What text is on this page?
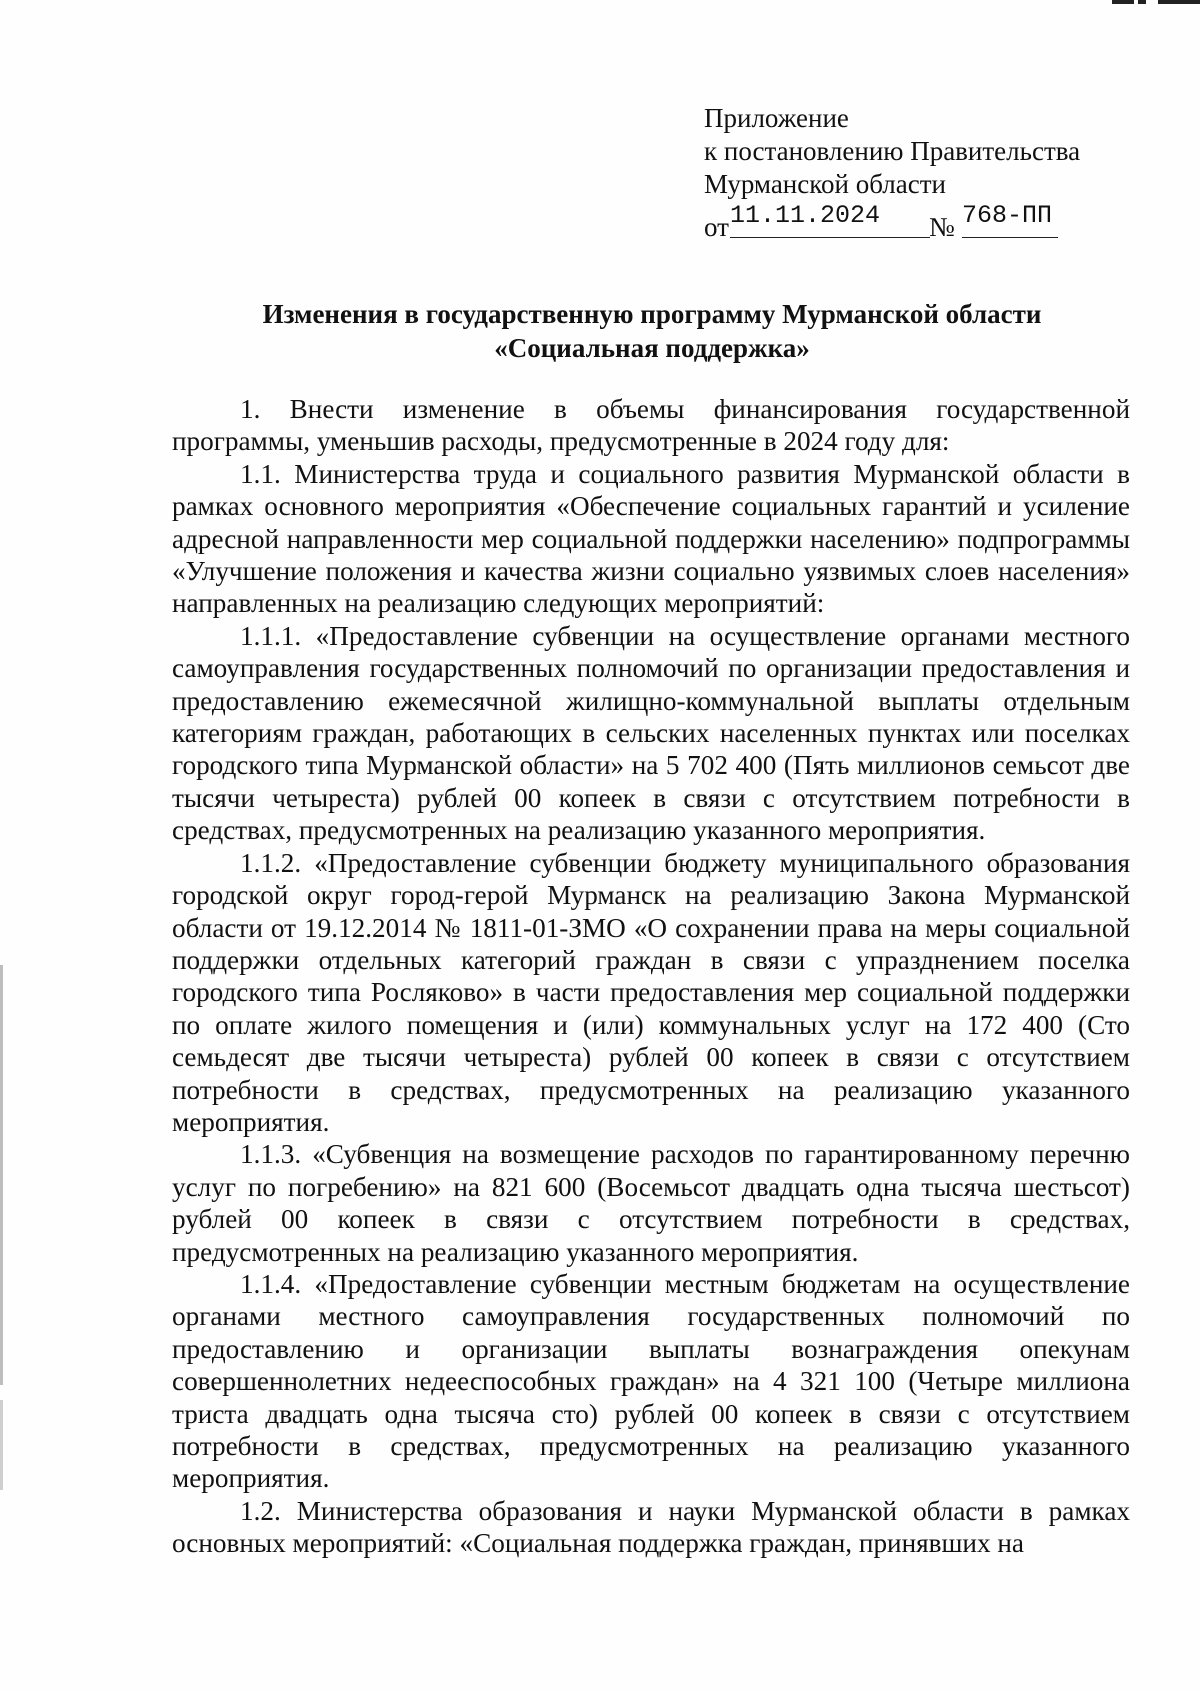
Приложение
к постановлению Правительства
Мурманской области
от 11.11.2024	№ 768-ПП
Изменения в государственную программу Мурманской области
«Социальная поддержка»

1. Внести изменение в объемы финансирования государственной программы, уменьшив расходы, предусмотренные в 2024 году для:

1.1. Министерства труда и социального развития Мурманской области в рамках основного мероприятия «Обеспечение социальных гарантий и усиление адресной направленности мер социальной поддержки населению» подпрограммы «Улучшение положения и качества жизни социально уязвимых слоев населения» направленных на реализацию следующих мероприятий:

1.1.1. «Предоставление субвенции на осуществление органами местного самоуправления государственных полномочий по организации предоставления и предоставлению ежемесячной жилищно-коммунальной выплаты отдельным категориям граждан, работающих в сельских населенных пунктах или поселках городского типа Мурманской области» на 5 702 400 (Пять миллионов семьсот две тысячи четыреста) рублей 00 копеек в связи с отсутствием потребности в средствах, предусмотренных на реализацию указанного мероприятия.

1.1.2. «Предоставление субвенции бюджету муниципального образования городской округ город-герой Мурманск на реализацию Закона Мурманской области от 19.12.2014 № 1811-01-ЗМО «О сохранении права на меры социальной поддержки отдельных категорий граждан в связи с упразднением поселка городского типа Росляково» в части предоставления мер социальной поддержки по оплате жилого помещения и (или) коммунальных услуг на 172 400 (Сто семьдесят две тысячи четыреста) рублей 00 копеек в связи с отсутствием потребности в средствах, предусмотренных на реализацию указанного мероприятия.

1.1.3. «Субвенция на возмещение расходов по гарантированному перечню услуг по погребению» на 821 600 (Восемьсот двадцать одна тысяча шестьсот) рублей 00 копеек в связи с отсутствием потребности в средствах, предусмотренных на реализацию указанного мероприятия.

1.1.4. «Предоставление субвенции местным бюджетам на осуществление органами местного самоуправления государственных полномочий по предоставлению и организации выплаты вознаграждения опекунам совершеннолетних недееспособных граждан» на 4 321 100 (Четыре миллиона триста двадцать одна тысяча сто) рублей 00 копеек в связи с отсутствием потребности в средствах, предусмотренных на реализацию указанного мероприятия.

1.2. Министерства образования и науки Мурманской области в рамках основных мероприятий: «Социальная поддержка граждан, принявших на
